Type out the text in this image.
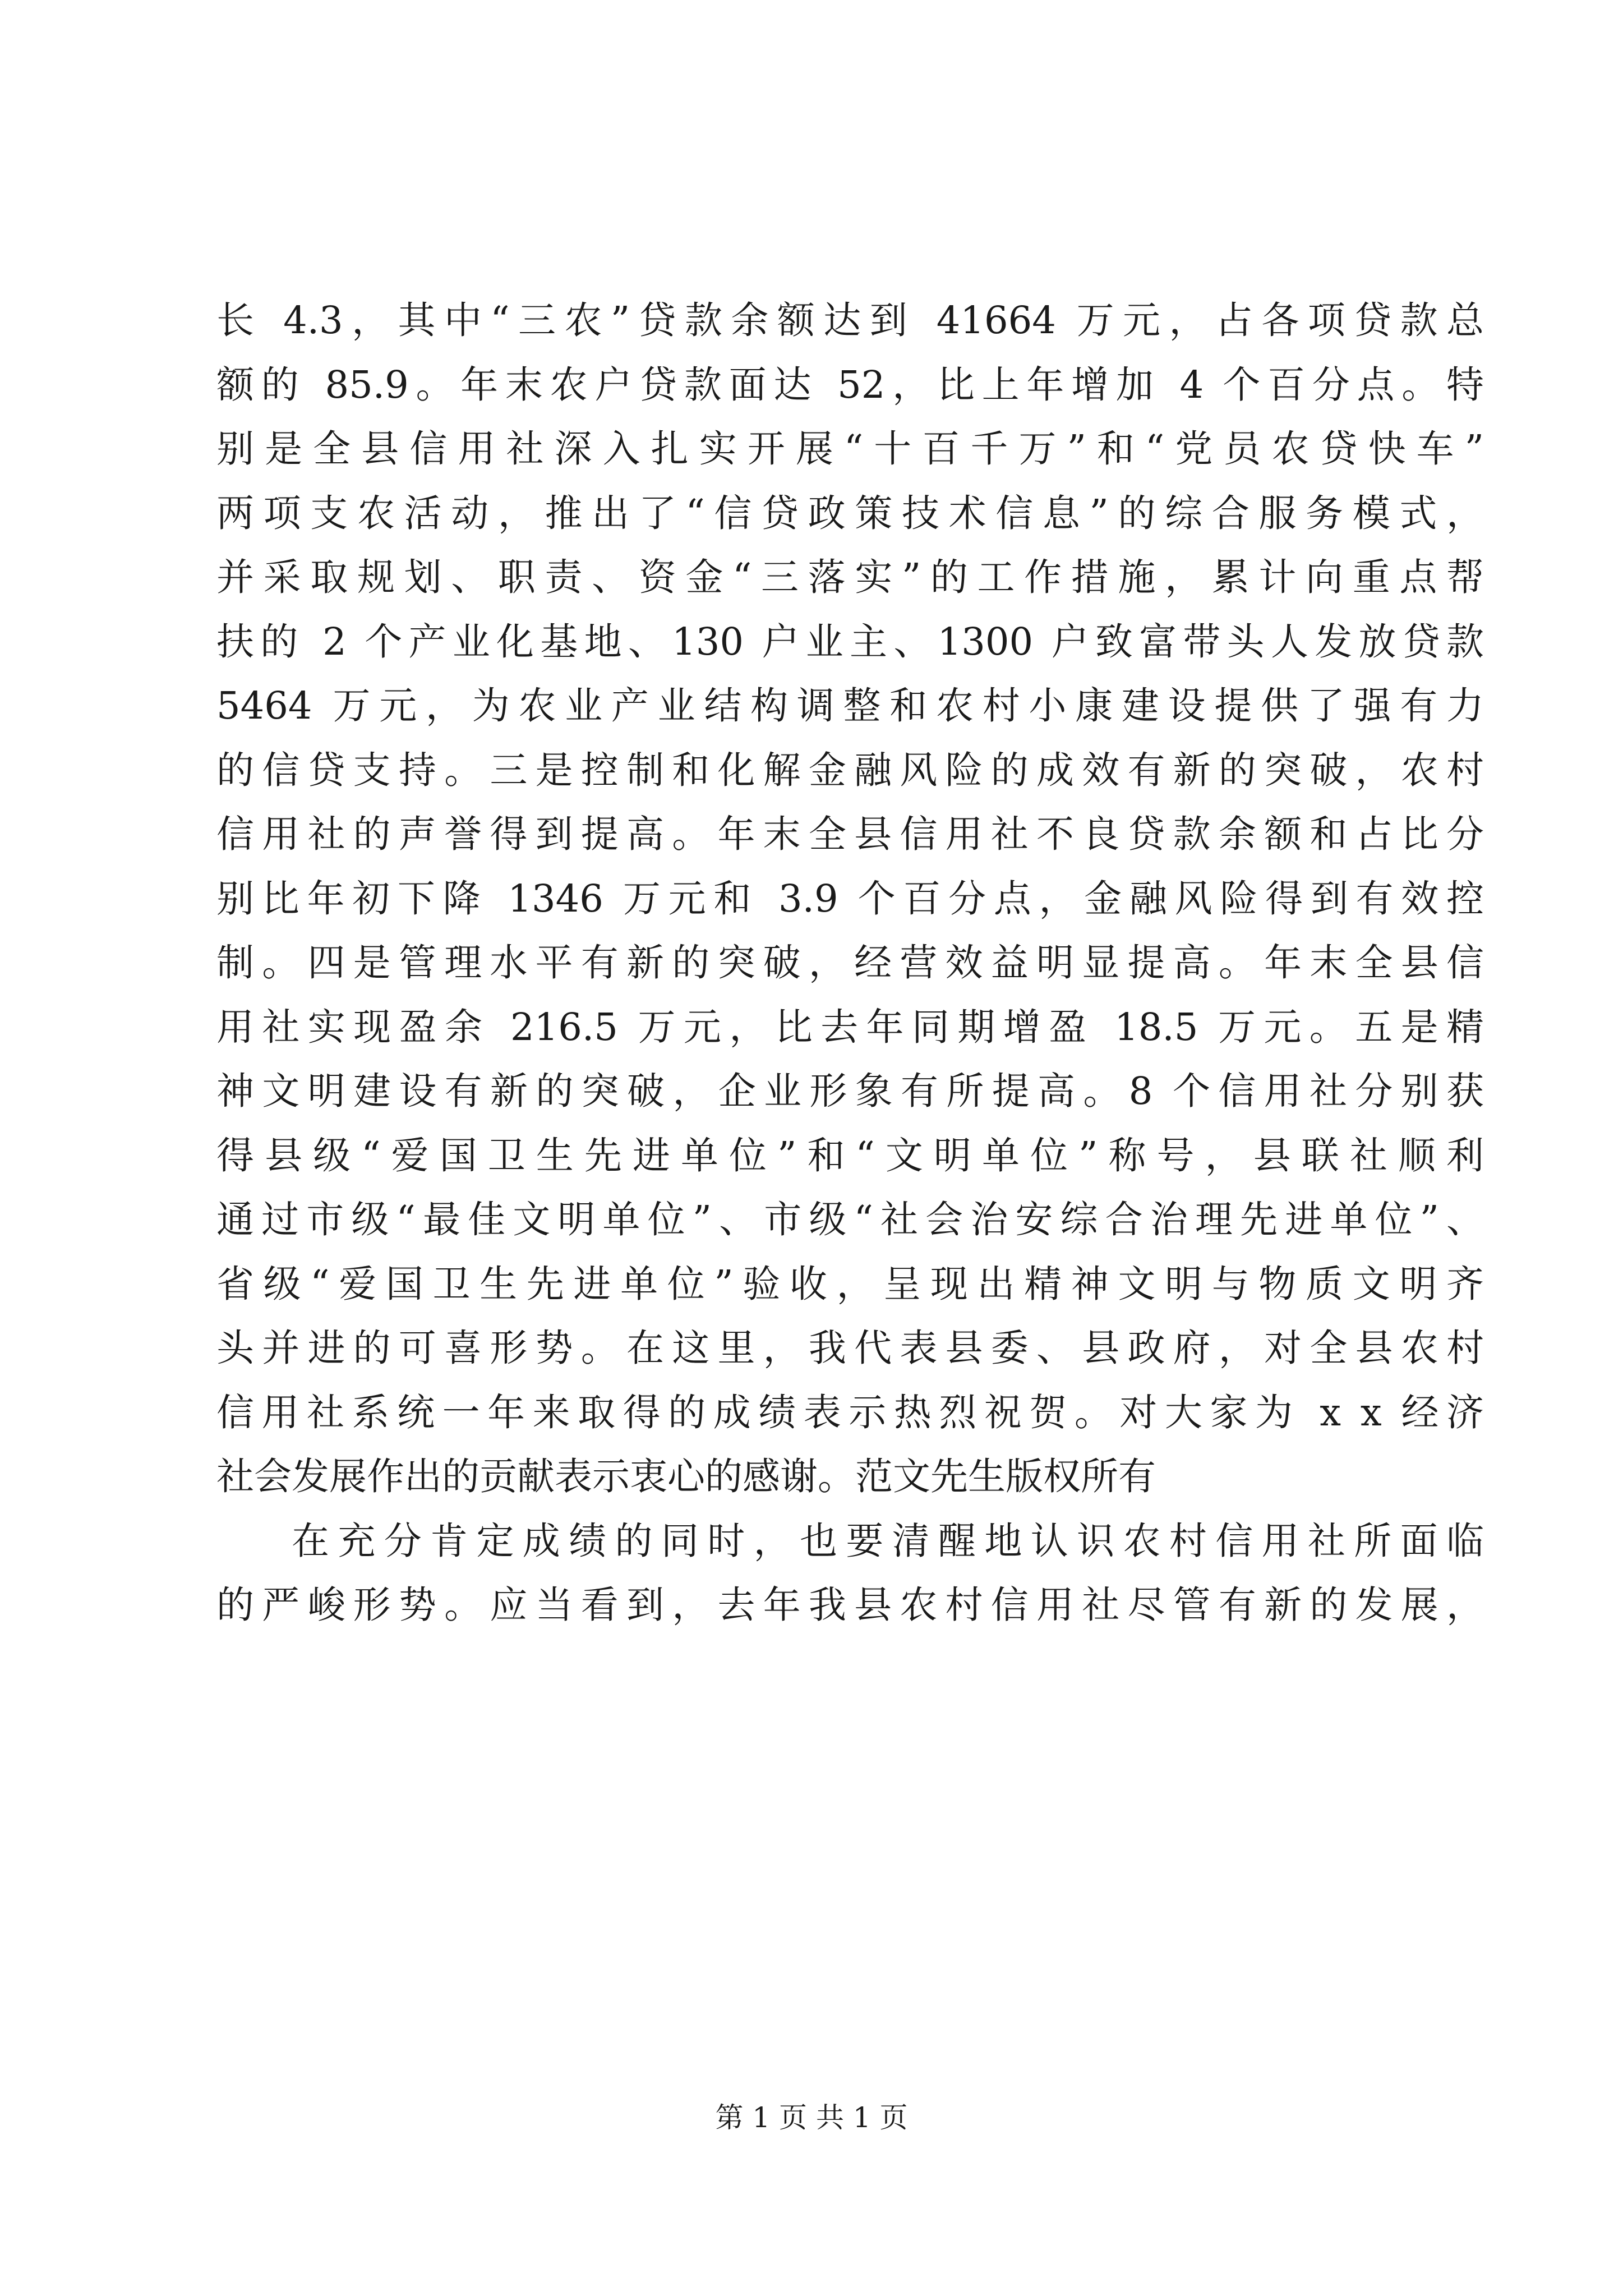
长 4.3，其中“三农”贷款余额达到 41664 万元，占各项贷款总
额的 85.9。年末农户贷款面达 52，比上年增加 4 个百分点。特
别是全县信用社深入扎实开展“十百千万”和“党员农贷快车”
两项支农活动，推出了“信贷政策技术信息”的综合服务模式，
并采取规划、职责、资金“三落实”的工作措施，累计向重点帮
扶的 2 个产业化基地、130 户业主、1300 户致富带头人发放贷款
5464 万元，为农业产业结构调整和农村小康建设提供了强有力
的信贷支持。三是控制和化解金融风险的成效有新的突破，农村
信用社的声誉得到提高。年末全县信用社不良贷款余额和占比分
别比年初下降 1346 万元和 3.9 个百分点，金融风险得到有效控
制。四是管理水平有新的突破，经营效益明显提高。年末全县信
用社实现盈余 216.5 万元，比去年同期增盈 18.5 万元。五是精
神文明建设有新的突破，企业形象有所提高。8 个信用社分别获
得县级“爱国卫生先进单位”和“文明单位”称号，县联社顺利
通过市级“最佳文明单位”、市级“社会治安综合治理先进单位”、
省级“爱国卫生先进单位”验收，呈现出精神文明与物质文明齐
头并进的可喜形势。在这里，我代表县委、县政府，对全县农村
信用社系统一年来取得的成绩表示热烈祝贺。对大家为 x x 经济
社会发展作出的贡献表示衷心的感谢。范文先生版权所有
在充分肯定成绩的同时，也要清醒地认识农村信用社所面临
的严峻形势。应当看到，去年我县农村信用社尽管有新的发展，
第 1 页 共 1 页
